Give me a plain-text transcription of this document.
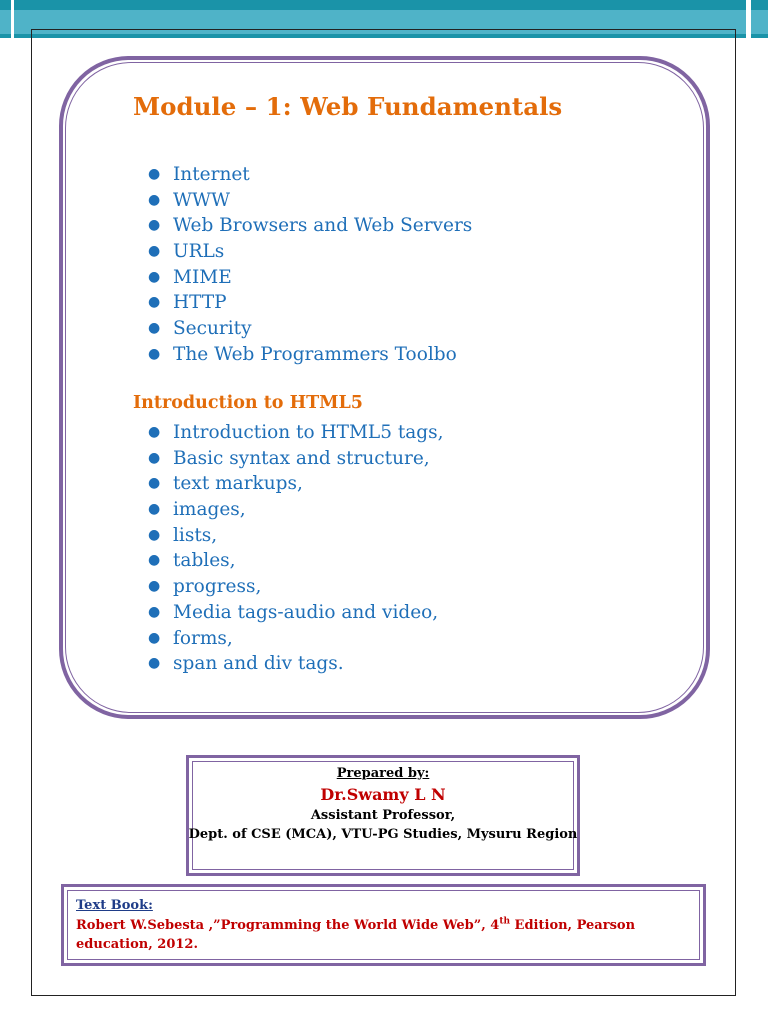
Module – 1: Web Fundamentals
● Internet
● WWW
● Web Browsers and Web Servers
● URLs
● MIME
● HTTP
● Security
● The Web Programmers Toolbo
Introduction to HTML5
● Introduction to HTML5 tags,
● Basic syntax and structure,
● text markups,
● images,
● lists,
● tables,
● progress,
● Media tags-audio and video,
● forms,
● span and div tags.
Prepared by:
Dr.Swamy L N
Assistant Professor,
Dept. of CSE (MCA), VTU-PG Studies, Mysuru Region
Text Book:
Robert W.Sebesta ,”Programming the World Wide Web”, 4th Edition, Pearson education, 2012.
